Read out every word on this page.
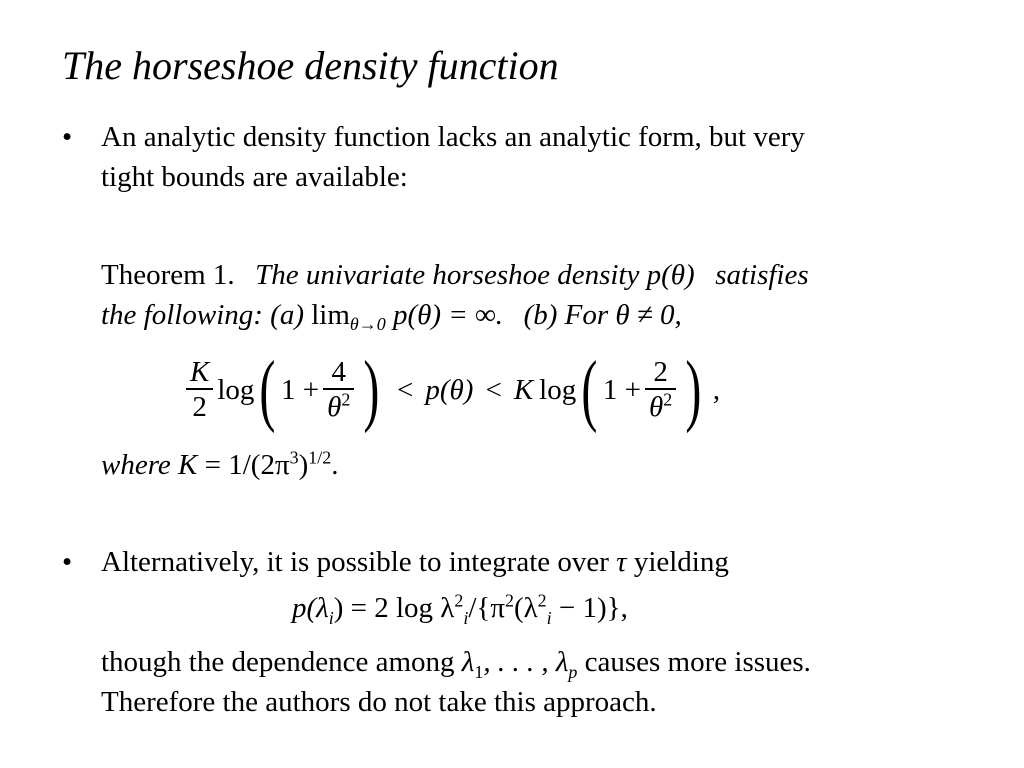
The horseshoe density function
• An analytic density function lacks an analytic form, but very
tight bounds are available:
Theorem 1. The univariate horseshoe density p(θ) satisfies
the following: (a) $\lim_{\theta\to 0} p(\theta)$ = ∞. (b) For θ ≠ 0,
$\frac{K}{2}$ log ( $1 + \frac{4}{\theta^2}$ ) < p(θ) < K log ( $1 + \frac{2}{\theta^2}$ ) ,
where $K = 1/(2\pi^3)^{1/2}$.
• Alternatively, it is possible to integrate over τ yielding
$p(\lambda_i) = 2$ $\log \lambda^2_i/\{\pi^2(\lambda^2_i - 1)\}$,
though the dependence among $\lambda_1$, . . . , $\lambda_p$ causes more issues.
Therefore the authors do not take this approach.
